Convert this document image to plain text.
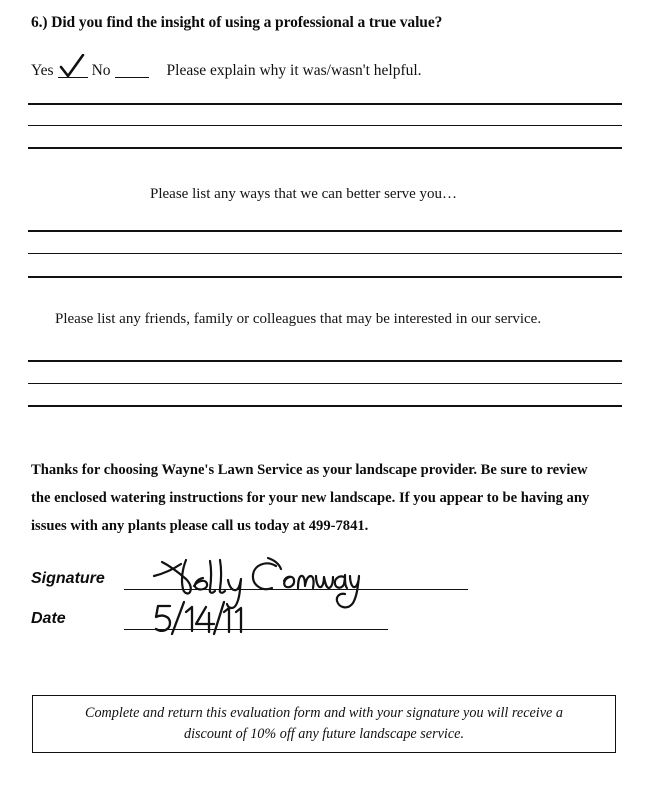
6.) Did you find the insight of using a professional a true value?
Yes No	Please explain why it was/wasn't helpful.
Please list any ways that we can better serve you…
Please list any friends, family or colleagues that may be interested in our service.
Thanks for choosing Wayne's Lawn Service as your landscape provider. Be sure to review
the enclosed watering instructions for your new landscape. If you appear to be having any
issues with any plants please call us today at 499-7841.
Signature
Date
Complete and return this evaluation form and with your signature you will receive a
discount of 10% off any future landscape service.
